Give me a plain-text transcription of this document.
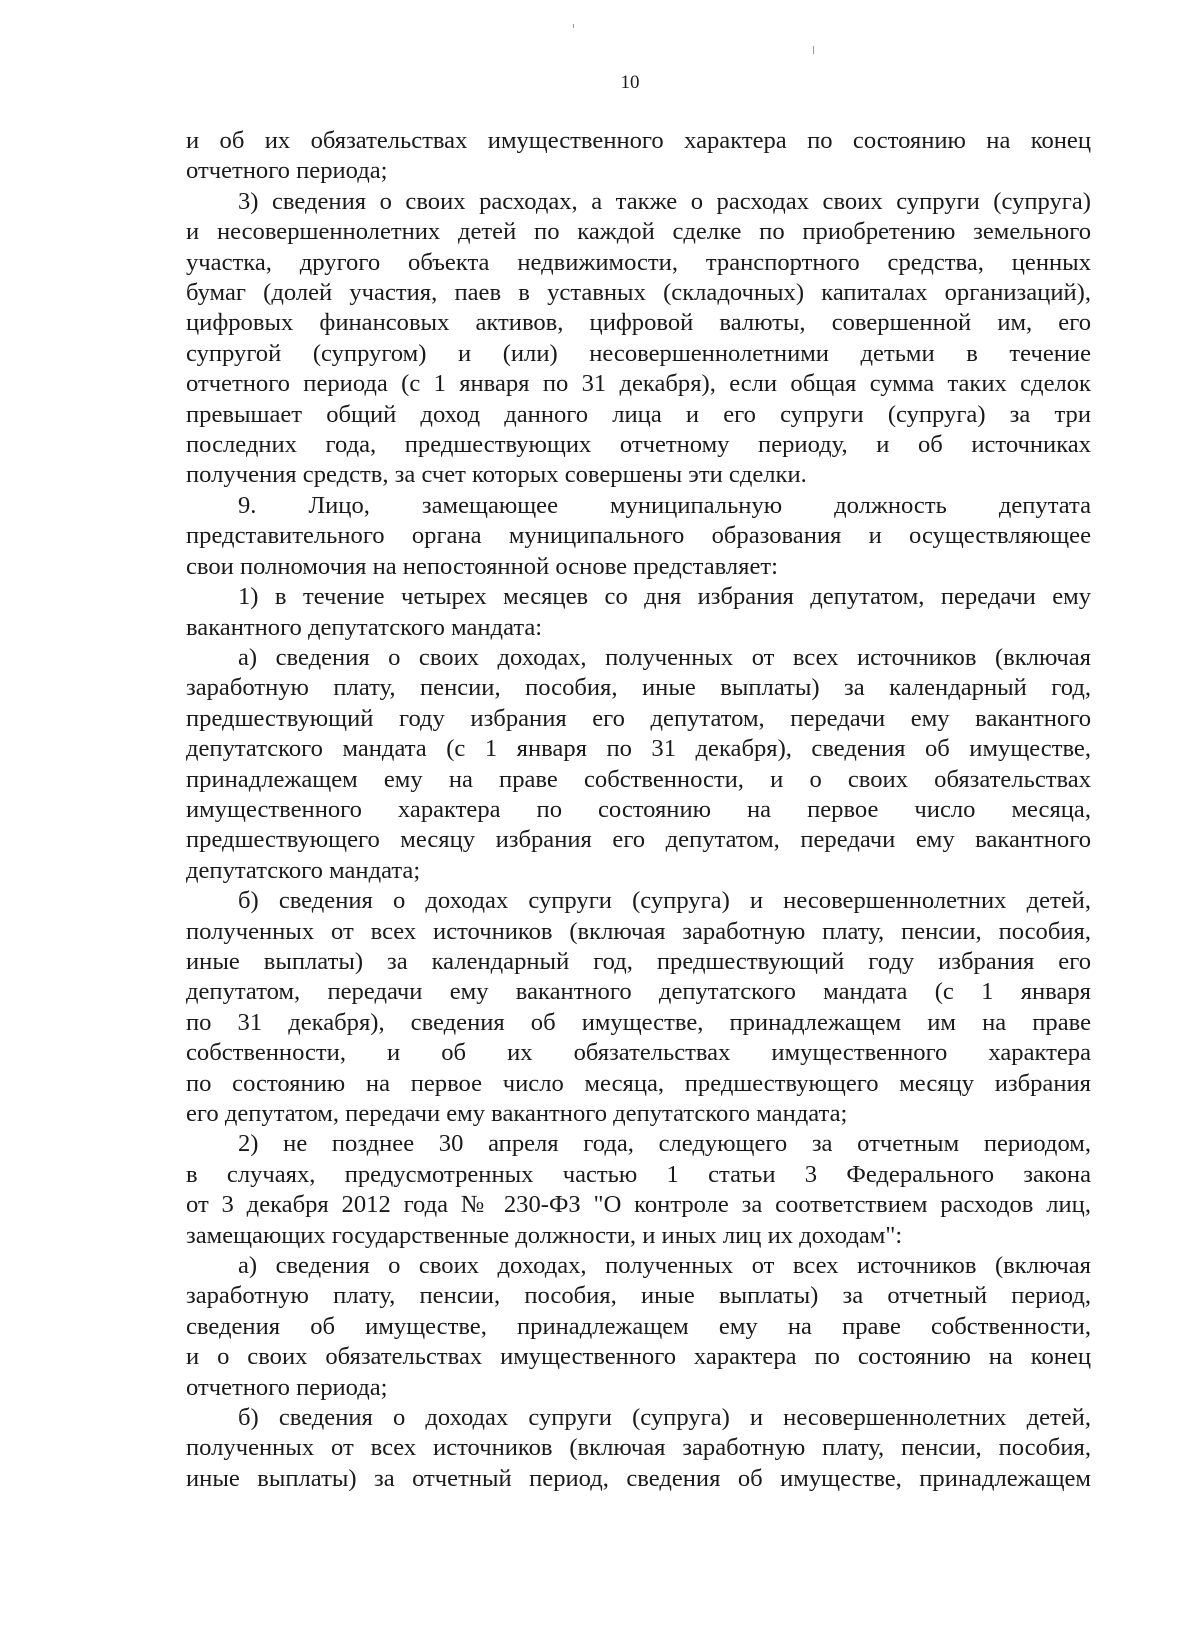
10
и об их обязательствах имущественного характера по состоянию на конец
отчетного периода;
3) сведения о своих расходах, а также о расходах своих супруги (супруга)
и несовершеннолетних детей по каждой сделке по приобретению земельного
участка, другого объекта недвижимости, транспортного средства, ценных
бумаг (долей участия, паев в уставных (складочных) капиталах организаций),
цифровых финансовых активов, цифровой валюты, совершенной им, его
супругой (супругом) и (или) несовершеннолетними детьми в течение
отчетного периода (с 1 января по 31 декабря), если общая сумма таких сделок
превышает общий доход данного лица и его супруги (супруга) за три
последних года, предшествующих отчетному периоду, и об источниках
получения средств, за счет которых совершены эти сделки.
9. Лицо, замещающее муниципальную должность депутата
представительного органа муниципального образования и осуществляющее
свои полномочия на непостоянной основе представляет:
1) в течение четырех месяцев со дня избрания депутатом, передачи ему
вакантного депутатского мандата:
а) сведения о своих доходах, полученных от всех источников (включая
заработную плату, пенсии, пособия, иные выплаты) за календарный год,
предшествующий году избрания его депутатом, передачи ему вакантного
депутатского мандата (с 1 января по 31 декабря), сведения об имуществе,
принадлежащем ему на праве собственности, и о своих обязательствах
имущественного характера по состоянию на первое число месяца,
предшествующего месяцу избрания его депутатом, передачи ему вакантного
депутатского мандата;
б) сведения о доходах супруги (супруга) и несовершеннолетних детей,
полученных от всех источников (включая заработную плату, пенсии, пособия,
иные выплаты) за календарный год, предшествующий году избрания его
депутатом, передачи ему вакантного депутатского мандата (с 1 января
по 31 декабря), сведения об имуществе, принадлежащем им на праве
собственности, и об их обязательствах имущественного характера
по состоянию на первое число месяца, предшествующего месяцу избрания
его депутатом, передачи ему вакантного депутатского мандата;
2) не позднее 30 апреля года, следующего за отчетным периодом,
в случаях, предусмотренных частью 1 статьи 3 Федерального закона
от 3 декабря 2012 года № 230-ФЗ "О контроле за соответствием расходов лиц,
замещающих государственные должности, и иных лиц их доходам":
а) сведения о своих доходах, полученных от всех источников (включая
заработную плату, пенсии, пособия, иные выплаты) за отчетный период,
сведения об имуществе, принадлежащем ему на праве собственности,
и о своих обязательствах имущественного характера по состоянию на конец
отчетного периода;
б) сведения о доходах супруги (супруга) и несовершеннолетних детей,
полученных от всех источников (включая заработную плату, пенсии, пособия,
иные выплаты) за отчетный период, сведения об имуществе, принадлежащем
